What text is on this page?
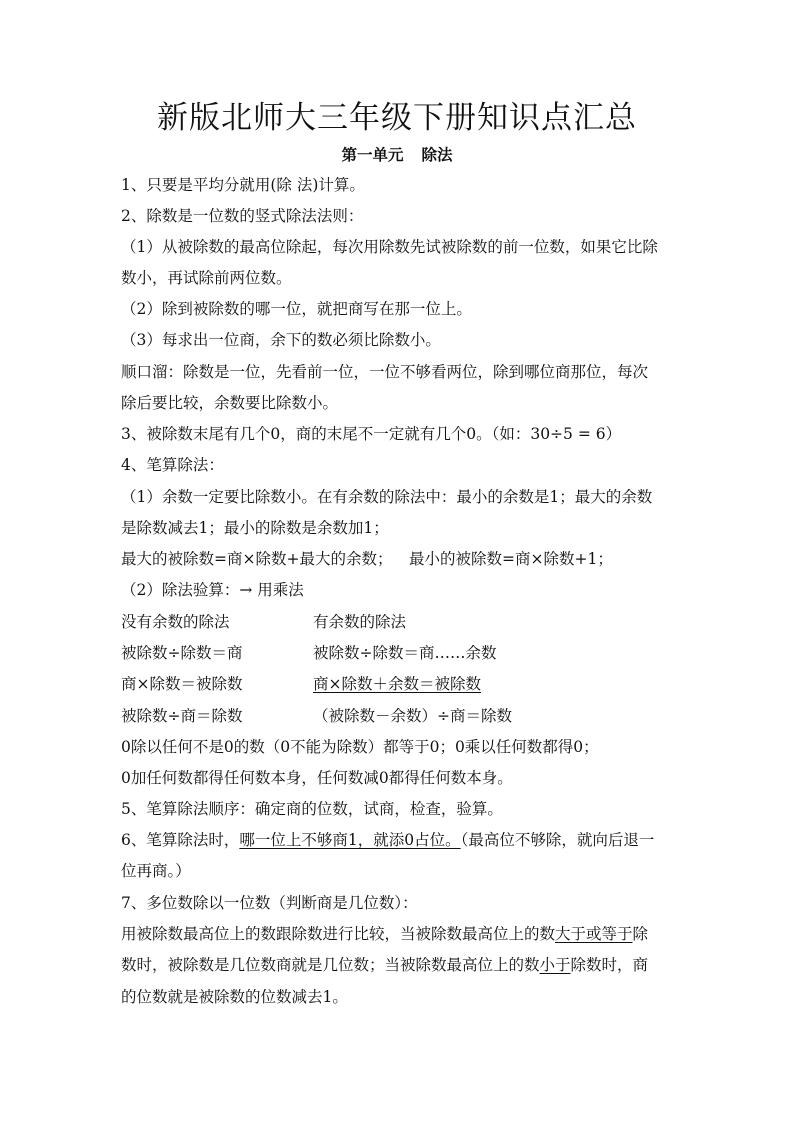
新版北师大三年级下册知识点汇总
第一单元 除法
1、只要是平均分就用(除 法)计算。
2、除数是一位数的竖式除法法则：
（1）从被除数的最高位除起，每次用除数先试被除数的前一位数，如果它比除
数小，再试除前两位数。
（2）除到被除数的哪一位，就把商写在那一位上。
（3）每求出一位商，余下的数必须比除数小。
顺口溜：除数是一位，先看前一位，一位不够看两位，除到哪位商那位，每次
除后要比较，余数要比除数小。
3、被除数末尾有几个0，商的末尾不一定就有几个0。（如：30÷5 = 6）
4、笔算除法：
（1）余数一定要比除数小。在有余数的除法中：最小的余数是1；最大的余数
是除数减去1；最小的除数是余数加1；
最大的被除数=商×除数+最大的余数； 最小的被除数=商×除数+1；
（2）除法验算：→ 用乘法
没有余数的除法	有余数的除法
被除数÷除数＝商	被除数÷除数＝商……余数
商×除数＝被除数	商×除数＋余数＝被除数
被除数÷商＝除数	（被除数－余数）÷商＝除数
0除以任何不是0的数（0不能为除数）都等于0；0乘以任何数都得0；
0加任何数都得任何数本身，任何数减0都得任何数本身。
5、笔算除法顺序：确定商的位数，试商，检查，验算。
6、笔算除法时，哪一位上不够商1，就添0占位。（最高位不够除，就向后退一
位再商。）
7、多位数除以一位数（判断商是几位数）：
用被除数最高位上的数跟除数进行比较，当被除数最高位上的数大于或等于除
数时，被除数是几位数商就是几位数；当被除数最高位上的数小于除数时，商
的位数就是被除数的位数减去1。
